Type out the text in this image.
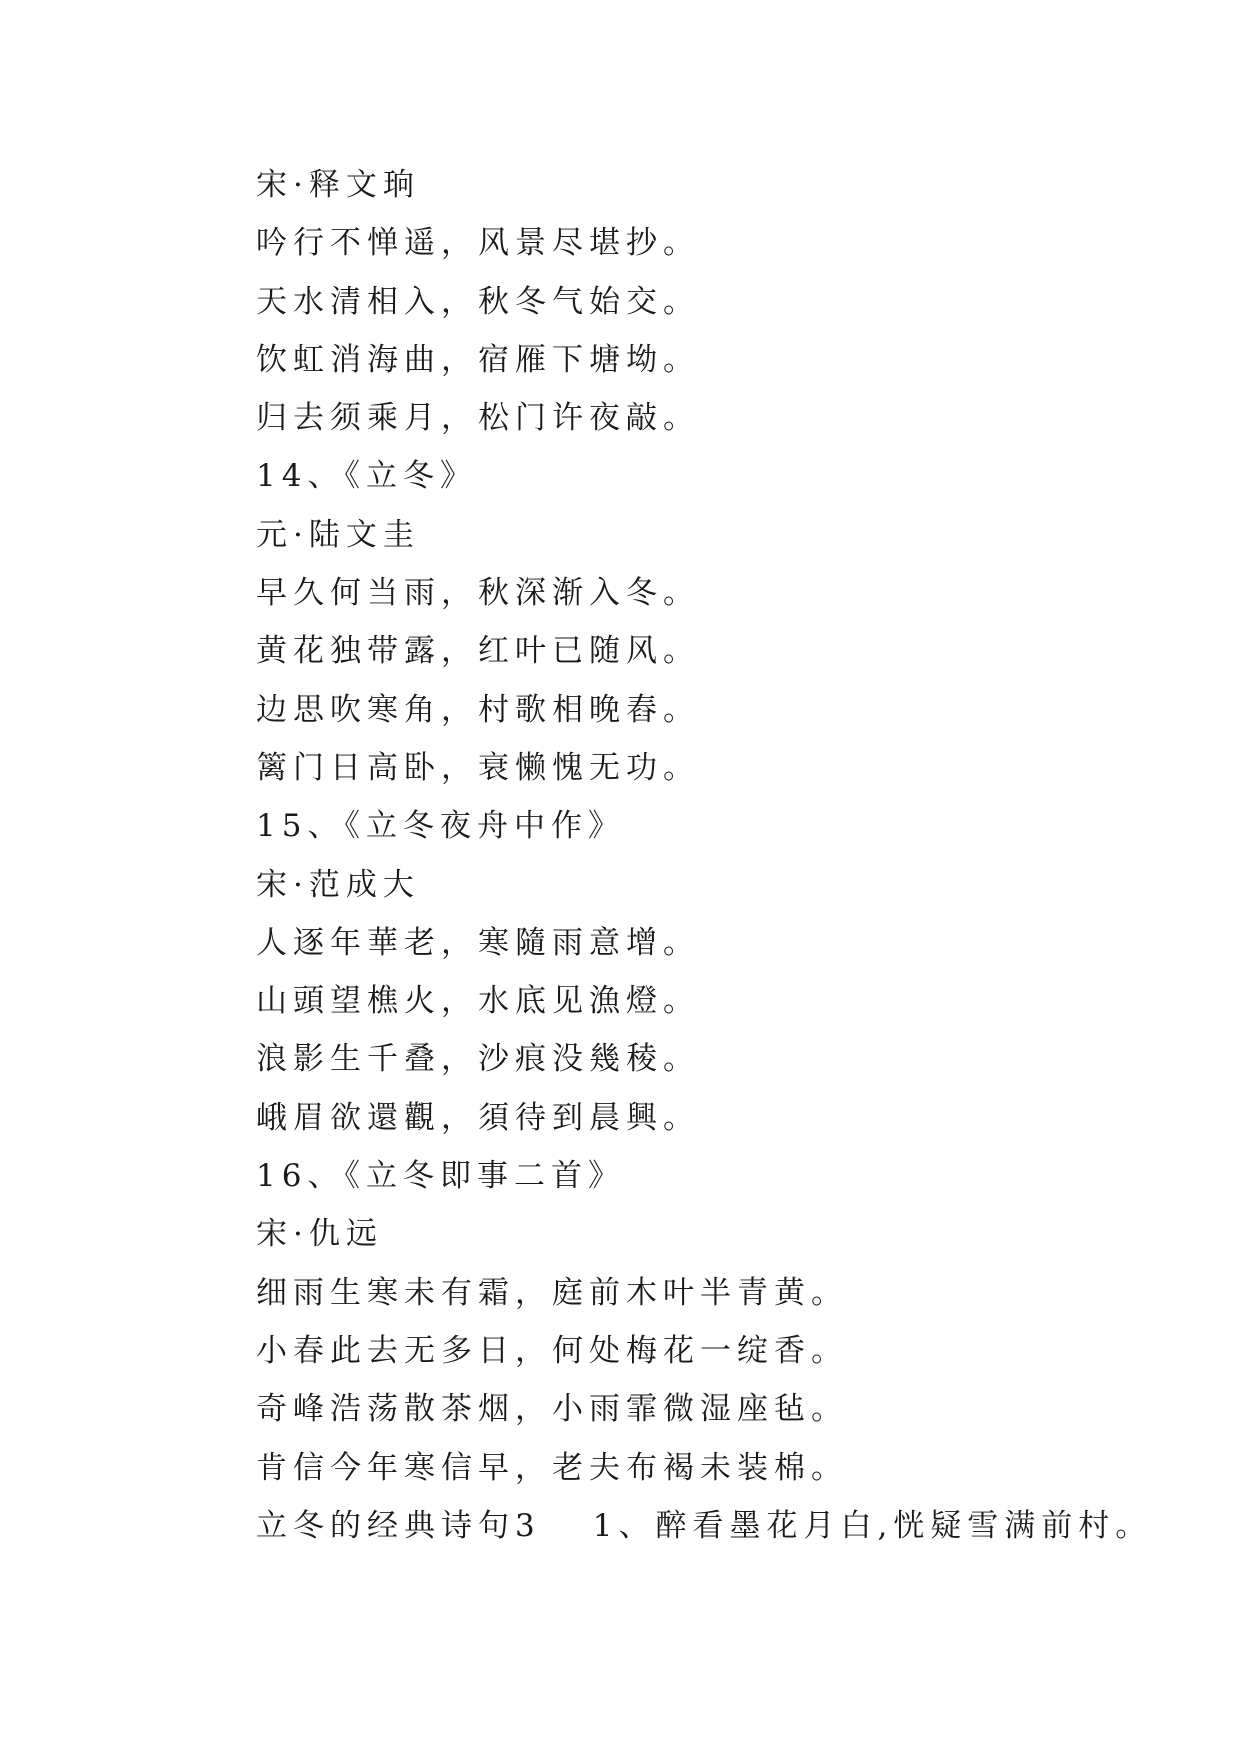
宋·释文珦
吟行不惮遥，风景尽堪抄。
天水清相入，秋冬气始交。
饮虹消海曲，宿雁下塘坳。
归去须乘月，松门许夜敲。
14、《立冬》
元·陆文圭
早久何当雨，秋深渐入冬。
黄花独带露，红叶已随风。
边思吹寒角，村歌相晚舂。
篱门日高卧，衰懒愧无功。
15、《立冬夜舟中作》
宋·范成大
人逐年華老，寒隨雨意增。
山頭望樵火，水底见漁燈。
浪影生千叠，沙痕没幾稜。
峨眉欲還觀，須待到晨興。
16、《立冬即事二首》
宋·仇远
细雨生寒未有霜，庭前木叶半青黄。
小春此去无多日，何处梅花一绽香。
奇峰浩荡散茶烟，小雨霏微湿座毡。
肯信今年寒信早，老夫布褐未装棉。
立冬的经典诗句3 1、醉看墨花月白,恍疑雪满前村。
